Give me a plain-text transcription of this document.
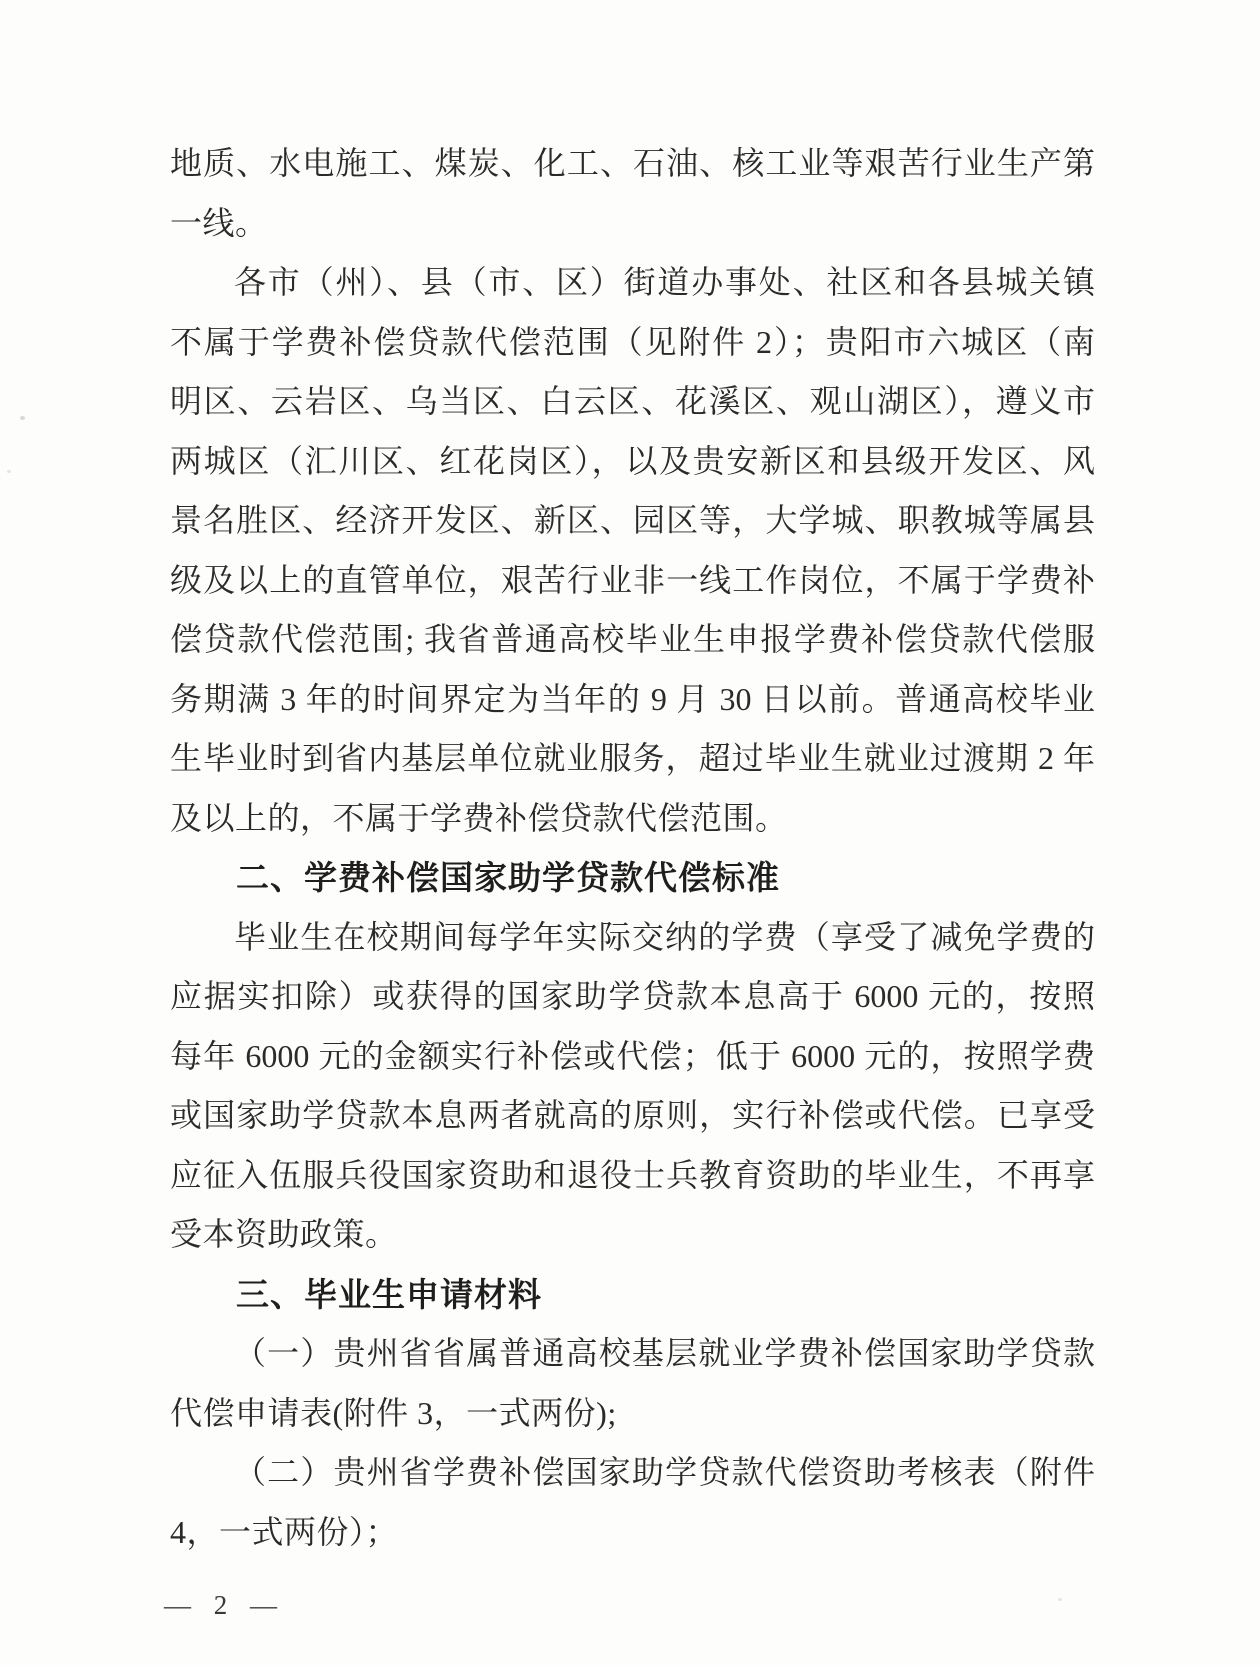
地质、水电施工、煤炭、化工、石油、核工业等艰苦行业生产第
一线。
各市（州）、县（市、区）街道办事处、社区和各县城关镇
不属于学费补偿贷款代偿范围（见附件 2）；贵阳市六城区（南
明区、云岩区、乌当区、白云区、花溪区、观山湖区），遵义市
两城区（汇川区、红花岗区），以及贵安新区和县级开发区、风
景名胜区、经济开发区、新区、园区等，大学城、职教城等属县
级及以上的直管单位，艰苦行业非一线工作岗位，不属于学费补
偿贷款代偿范围; 我省普通高校毕业生申报学费补偿贷款代偿服
务期满 3 年的时间界定为当年的 9 月 30 日以前。普通高校毕业
生毕业时到省内基层单位就业服务，超过毕业生就业过渡期 2 年
及以上的，不属于学费补偿贷款代偿范围。
二、学费补偿国家助学贷款代偿标准
毕业生在校期间每学年实际交纳的学费（享受了减免学费的
应据实扣除）或获得的国家助学贷款本息高于 6000 元的，按照
每年 6000 元的金额实行补偿或代偿；低于 6000 元的，按照学费
或国家助学贷款本息两者就高的原则，实行补偿或代偿。已享受
应征入伍服兵役国家资助和退役士兵教育资助的毕业生，不再享
受本资助政策。
三、毕业生申请材料
（一）贵州省省属普通高校基层就业学费补偿国家助学贷款
代偿申请表(附件 3，一式两份);
（二）贵州省学费补偿国家助学贷款代偿资助考核表（附件
4，一式两份）；
— 2 —
